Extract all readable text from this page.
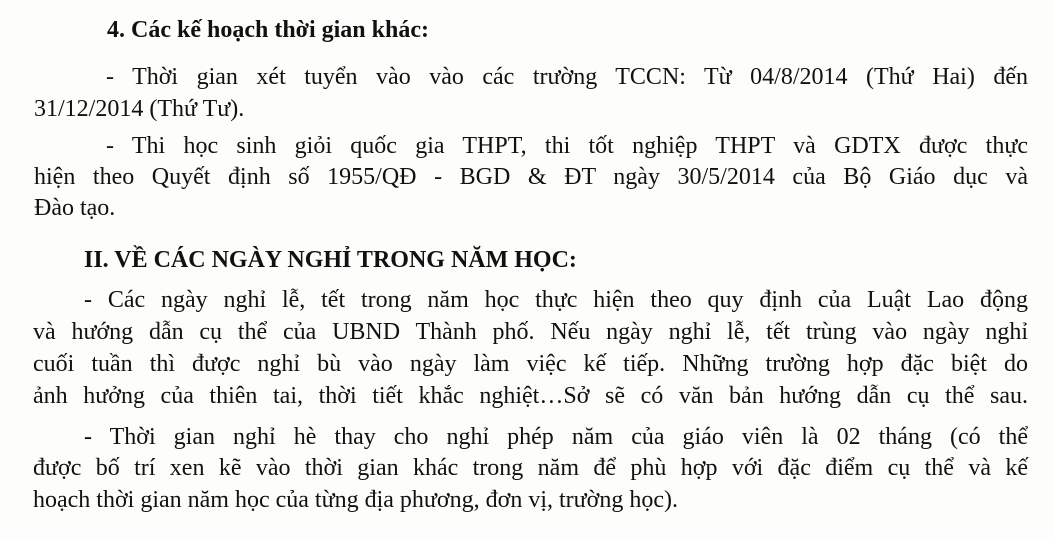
4. Các kế hoạch thời gian khác:
- Thời gian xét tuyển vào vào các trường TCCN: Từ 04/8/2014 (Thứ Hai) đến
31/12/2014 (Thứ Tư).
- Thi học sinh giỏi quốc gia THPT, thi tốt nghiệp THPT và GDTX được thực
hiện theo Quyết định số 1955/QĐ - BGD & ĐT ngày 30/5/2014 của Bộ Giáo dục và
Đào tạo.
II. VỀ CÁC NGÀY NGHỈ TRONG NĂM HỌC:
- Các ngày nghỉ lễ, tết trong năm học thực hiện theo quy định của Luật Lao động
và hướng dẫn cụ thể của UBND Thành phố. Nếu ngày nghỉ lễ, tết trùng vào ngày nghỉ
cuối tuần thì được nghỉ bù vào ngày làm việc kế tiếp. Những trường hợp đặc biệt do
ảnh hưởng của thiên tai, thời tiết khắc nghiệt…Sở sẽ có văn bản hướng dẫn cụ thể sau.
- Thời gian nghỉ hè thay cho nghỉ phép năm của giáo viên là 02 tháng (có thể
được bố trí xen kẽ vào thời gian khác trong năm để phù hợp với đặc điểm cụ thể và kế
hoạch thời gian năm học của từng địa phương, đơn vị, trường học).
